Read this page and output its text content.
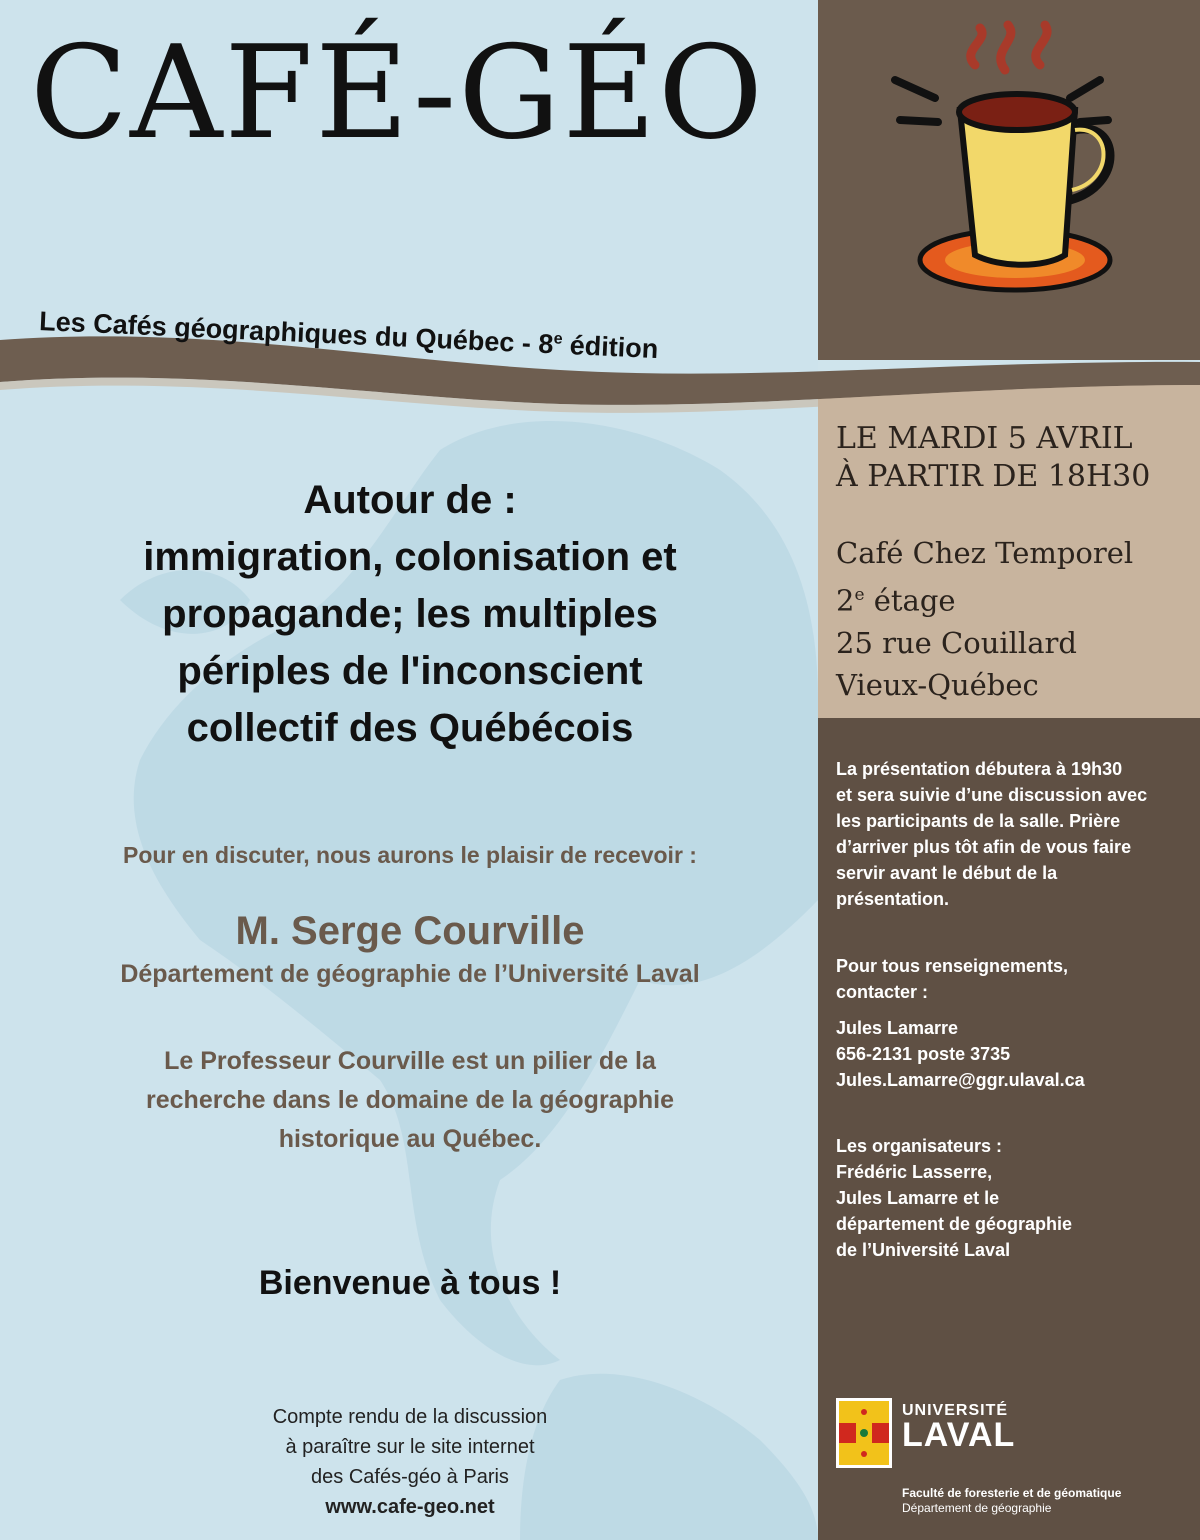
CAFÉ-GÉO
Les Cafés géographiques du Québec - 8e édition
LE MARDI 5 AVRIL
À PARTIR DE 18H30
Café Chez Temporel
2e étage
25 rue Couillard
Vieux-Québec
Autour de :
immigration, colonisation et
propagande; les multiples
périples de l'inconscient
collectif des Québécois
Pour en discuter, nous aurons le plaisir de recevoir :
M. Serge Courville
Département de géographie de l’Université Laval
Le Professeur Courville est un pilier de la
recherche dans le domaine de la géographie
historique au Québec.
Bienvenue à tous !
Compte rendu de la discussion
à paraître sur le site internet
des Cafés-géo à Paris
www.cafe-geo.net
La présentation débutera à 19h30
et sera suivie d’une discussion avec
les participants de la salle. Prière
d’arriver plus tôt afin de vous faire
servir avant le début de la
présentation.
Pour tous renseignements,
contacter :
Jules Lamarre
656-2131 poste 3735
Jules.Lamarre@ggr.ulaval.ca
Les organisateurs :
Frédéric Lasserre,
Jules Lamarre et le
département de géographie
de l’Université Laval
UNIVERSITÉ
LAVAL
Faculté de foresterie et de géomatique
Département de géographie
